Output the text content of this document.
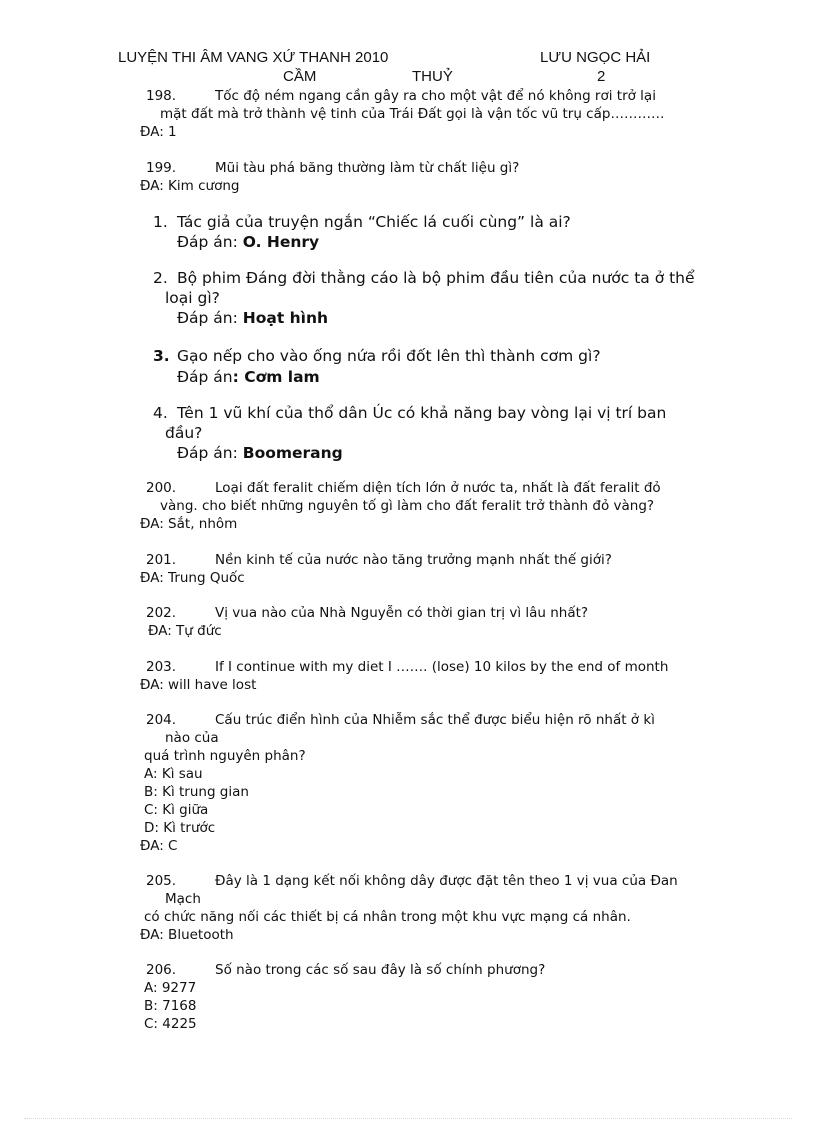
LUYỆN THI ÂM VANG XỨ THANH 2010	LƯU NGỌC HẢI
CẦM	THUỶ	2
198.	Tốc độ ném ngang cần gây ra cho một vật để nó không rơi trở lại
mặt đất mà trở thành vệ tinh của Trái Đất gọi là vận tốc vũ trụ cấp…………
ĐA: 1
199.	Mũi tàu phá băng thường làm từ chất liệu gì?
ĐA: Kim cương
1. Tác giả của truyện ngắn “Chiếc lá cuối cùng” là ai?
Đáp án: O. Henry
2. Bộ phim Đáng đời thằng cáo là bộ phim đầu tiên của nước ta ở thể
loại gì?
Đáp án: Hoạt hình
3. Gạo nếp cho vào ống nứa rồi đốt lên thì thành cơm gì?
Đáp án: Cơm lam
4. Tên 1 vũ khí của thổ dân Úc có khả năng bay vòng lại vị trí ban
đầu?
Đáp án: Boomerang
200.	Loại đất feralit chiếm diện tích lớn ở nước ta, nhất là đất feralit đỏ
vàng. cho biết những nguyên tố gì làm cho đất feralit trở thành đỏ vàng?
ĐA: Sắt, nhôm
201.	Nền kinh tế của nước nào tăng trưởng mạnh nhất thế giới?
ĐA: Trung Quốc
202.	Vị vua nào của Nhà Nguyễn có thời gian trị vì lâu nhất?
ĐA: Tự đức
203.	If I continue with my diet I ……. (lose) 10 kilos by the end of month
ĐA: will have lost
204.	Cấu trúc điển hình của Nhiễm sắc thể được biểu hiện rõ nhất ở kì
nào của
quá trình nguyên phân?
A: Kì sau
B: Kì trung gian
C: Kì giữa
D: Kì trước
ĐA: C
205.	Đây là 1 dạng kết nối không dây được đặt tên theo 1 vị vua của Đan
Mạch
có chức năng nối các thiết bị cá nhân trong một khu vực mạng cá nhân.
ĐA: Bluetooth
206.	Số nào trong các số sau đây là số chính phương?
A: 9277
B: 7168
C: 4225
